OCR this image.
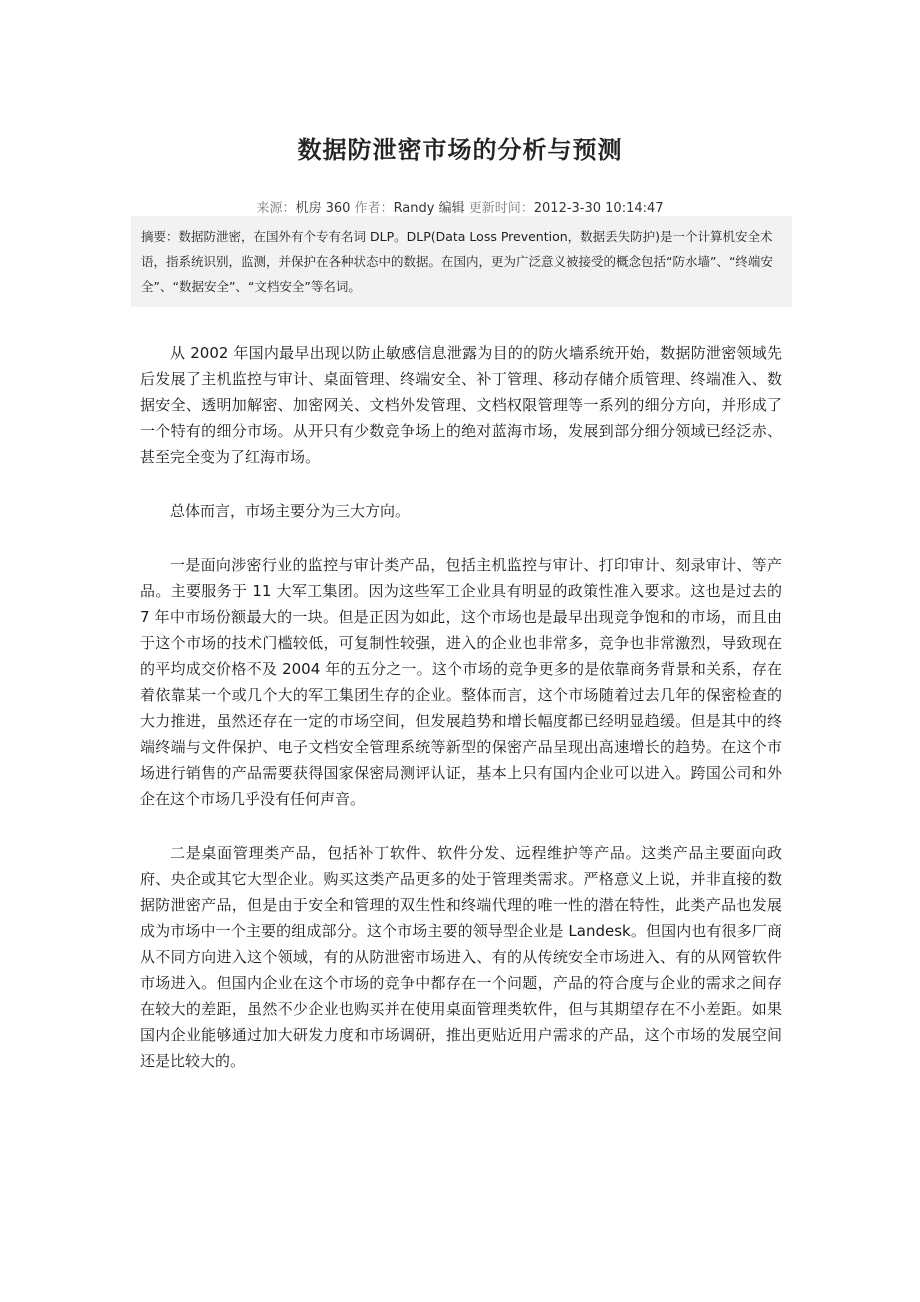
数据防泄密市场的分析与预测
来源：机房 360 作者：Randy 编辑 更新时间：2012-3-30 10:14:47
摘要：数据防泄密，在国外有个专有名词 DLP。DLP(Data Loss Prevention，数据丢失防护)是一个计算机安全术语，指系统识别，监测，并保护在各种状态中的数据。在国内，更为广泛意义被接受的概念包括“防水墙”、“终端安全”、“数据安全”、“文档安全”等名词。

从 2002 年国内最早出现以防止敏感信息泄露为目的的防火墙系统开始，数据防泄密领域先后发展了主机监控与审计、桌面管理、终端安全、补丁管理、移动存储介质管理、终端准入、数据安全、透明加解密、加密网关、文档外发管理、文档权限管理等一系列的细分方向，并形成了一个特有的细分市场。从开只有少数竞争场上的绝对蓝海市场，发展到部分细分领域已经泛赤、甚至完全变为了红海市场。

总体而言，市场主要分为三大方向。

一是面向涉密行业的监控与审计类产品，包括主机监控与审计、打印审计、刻录审计、等产品。主要服务于 11 大军工集团。因为这些军工企业具有明显的政策性准入要求。这也是过去的 7 年中市场份额最大的一块。但是正因为如此，这个市场也是最早出现竞争饱和的市场，而且由于这个市场的技术门槛较低，可复制性较强，进入的企业也非常多，竞争也非常激烈，导致现在的平均成交价格不及 2004 年的五分之一。这个市场的竞争更多的是依靠商务背景和关系，存在着依靠某一个或几个大的军工集团生存的企业。整体而言，这个市场随着过去几年的保密检查的大力推进，虽然还存在一定的市场空间，但发展趋势和增长幅度都已经明显趋缓。但是其中的终端终端与文件保护、电子文档安全管理系统等新型的保密产品呈现出高速增长的趋势。在这个市场进行销售的产品需要获得国家保密局测评认证，基本上只有国内企业可以进入。跨国公司和外企在这个市场几乎没有任何声音。

二是桌面管理类产品，包括补丁软件、软件分发、远程维护等产品。这类产品主要面向政府、央企或其它大型企业。购买这类产品更多的处于管理类需求。严格意义上说，并非直接的数据防泄密产品，但是由于安全和管理的双生性和终端代理的唯一性的潜在特性，此类产品也发展成为市场中一个主要的组成部分。这个市场主要的领导型企业是 Landesk。但国内也有很多厂商从不同方向进入这个领域，有的从防泄密市场进入、有的从传统安全市场进入、有的从网管软件市场进入。但国内企业在这个市场的竞争中都存在一个问题，产品的符合度与企业的需求之间存在较大的差距，虽然不少企业也购买并在使用桌面管理类软件，但与其期望存在不小差距。如果国内企业能够通过加大研发力度和市场调研，推出更贴近用户需求的产品，这个市场的发展空间还是比较大的。
